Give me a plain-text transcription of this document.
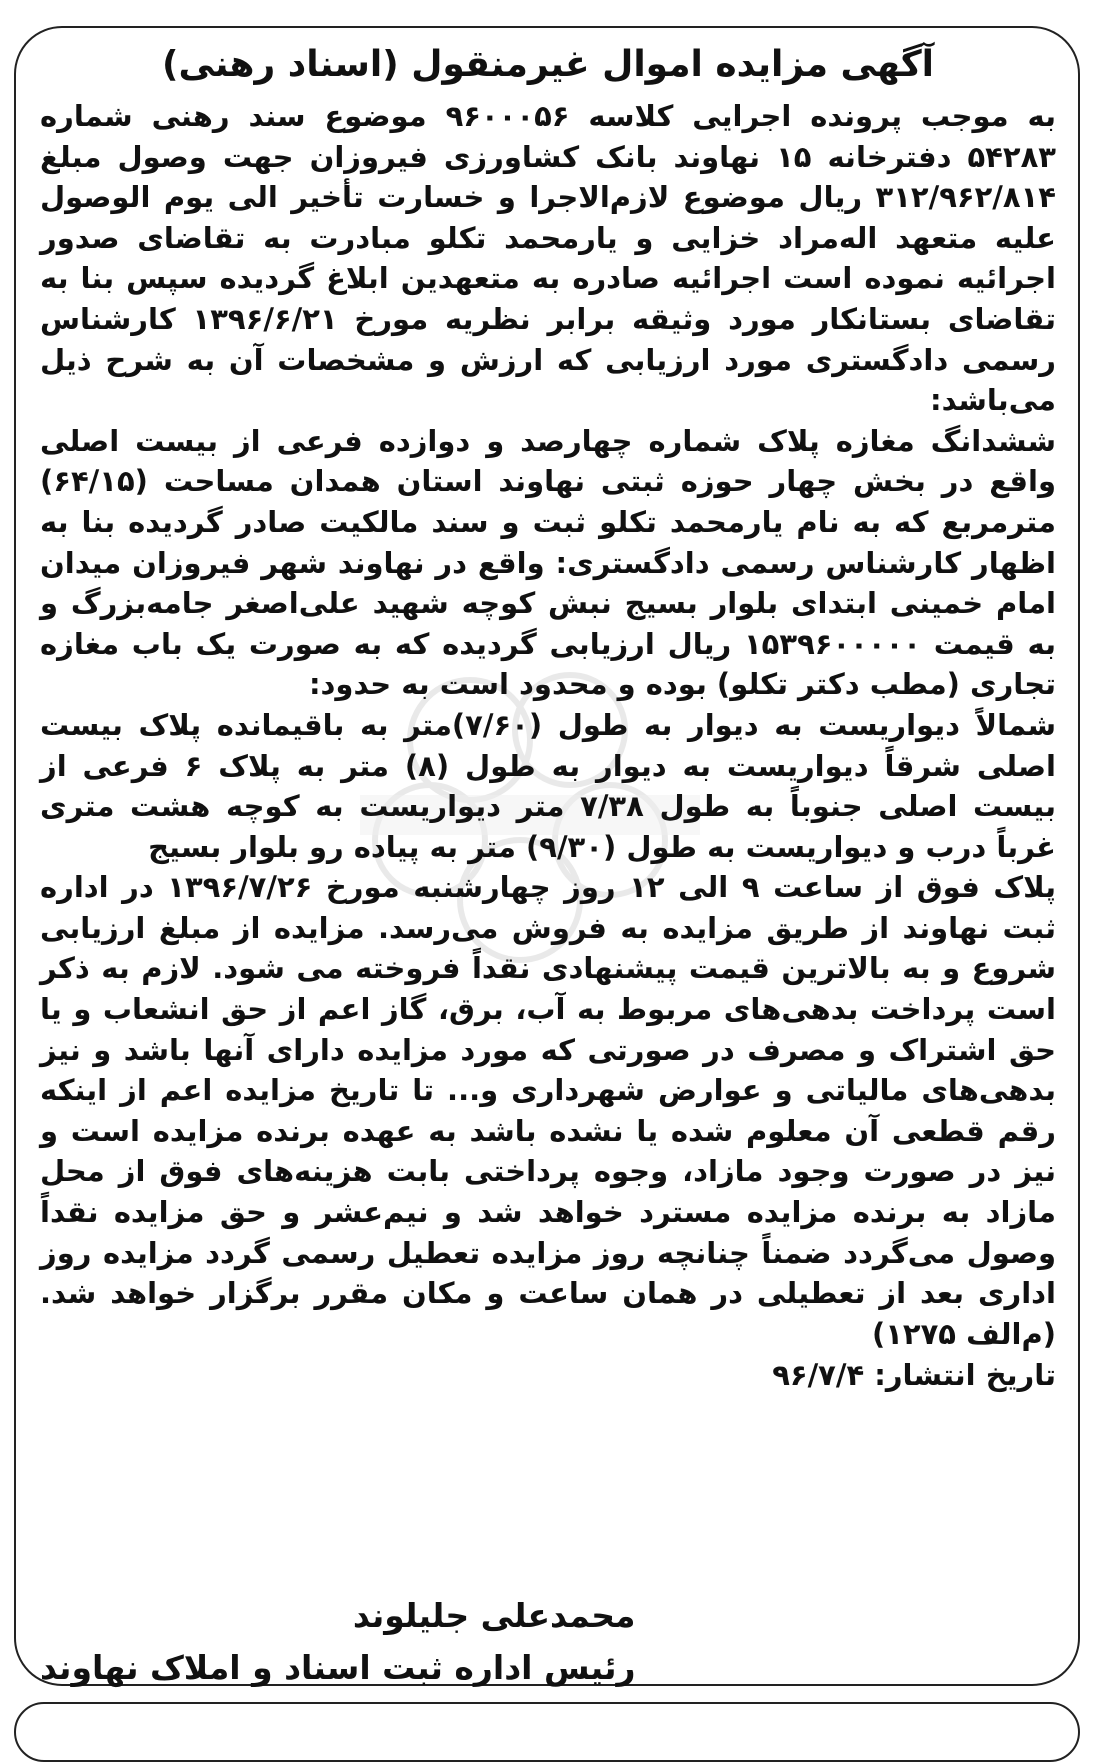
آگهی مزایده اموال غیرمنقول (اسناد رهنی)

به موجب پرونده اجرایی کلاسه ۹۶۰۰۰۵۶ موضوع سند رهنی شماره ۵۴۲۸۳ دفترخانه ۱۵ نهاوند بانک کشاورزی فیروزان جهت وصول مبلغ ۳۱۲/۹۶۲/۸۱۴ ریال موضوع لازم‌الاجرا و خسارت تأخیر الی یوم الوصول علیه متعهد اله‌مراد خزایی و یارمحمد تکلو مبادرت به تقاضای صدور اجرائیه نموده است اجرائیه صادره به متعهدین ابلاغ گردیده سپس بنا به تقاضای بستانکار مورد وثیقه برابر نظریه مورخ ۱۳۹۶/۶/۲۱ کارشناس رسمی دادگستری مورد ارزیابی که ارزش و مشخصات آن به شرح ذیل می‌باشد:

ششدانگ مغازه پلاک شماره چهارصد و دوازده فرعی از بیست اصلی واقع در بخش چهار حوزه ثبتی نهاوند استان همدان مساحت (۶۴/۱۵) مترمربع که به نام یارمحمد تکلو ثبت و سند مالکیت صادر گردیده بنا به اظهار کارشناس رسمی دادگستری: واقع در نهاوند شهر فیروزان میدان امام خمینی ابتدای بلوار بسیج نبش کوچه شهید علی‌اصغر جامه‌بزرگ و به قیمت ۱۵۳۹۶۰۰۰۰۰ ریال ارزیابی گردیده که به صورت یک باب مغازه تجاری (مطب دکتر تکلو) بوده و محدود است به حدود:

شمالاً دیواریست به دیوار به طول (۷/۶۰)متر به باقیمانده پلاک بیست اصلی شرقاً دیواریست به دیوار به طول (۸) متر به پلاک ۶ فرعی از بیست اصلی جنوباً به طول ۷/۳۸ متر دیواریست به کوچه هشت متری غرباً درب و دیواریست به طول (۹/۳۰) متر به پیاده رو بلوار بسیج

پلاک فوق از ساعت ۹ الی ۱۲ روز چهارشنبه مورخ ۱۳۹۶/۷/۲۶ در اداره ثبت نهاوند از طریق مزایده به فروش می‌رسد. مزایده از مبلغ ارزیابی شروع و به بالاترین قیمت پیشنهادی نقداً فروخته می شود. لازم به ذکر است پرداخت بدهی‌های مربوط به آب، برق، گاز اعم از حق انشعاب و یا حق اشتراک و مصرف در صورتی که مورد مزایده دارای آنها باشد و نیز بدهی‌های مالیاتی و عوارض شهرداری و... تا تاریخ مزایده اعم از اینکه رقم قطعی آن معلوم شده یا نشده باشد به عهده برنده مزایده است و نیز در صورت وجود مازاد، وجوه پرداختی بابت هزینه‌های فوق از محل مازاد به برنده مزایده مسترد خواهد شد و نیم‌عشر و حق مزایده نقداً وصول می‌گردد ضمناً چنانچه روز مزایده تعطیل رسمی گردد مزایده روز اداری بعد از تعطیلی در همان ساعت و مکان مقرر برگزار خواهد شد.(م‌الف ۱۲۷۵)

تاریخ انتشار: ۹۶/۷/۴
محمدعلی جلیلوند
رئیس اداره ثبت اسناد و املاک نهاوند
